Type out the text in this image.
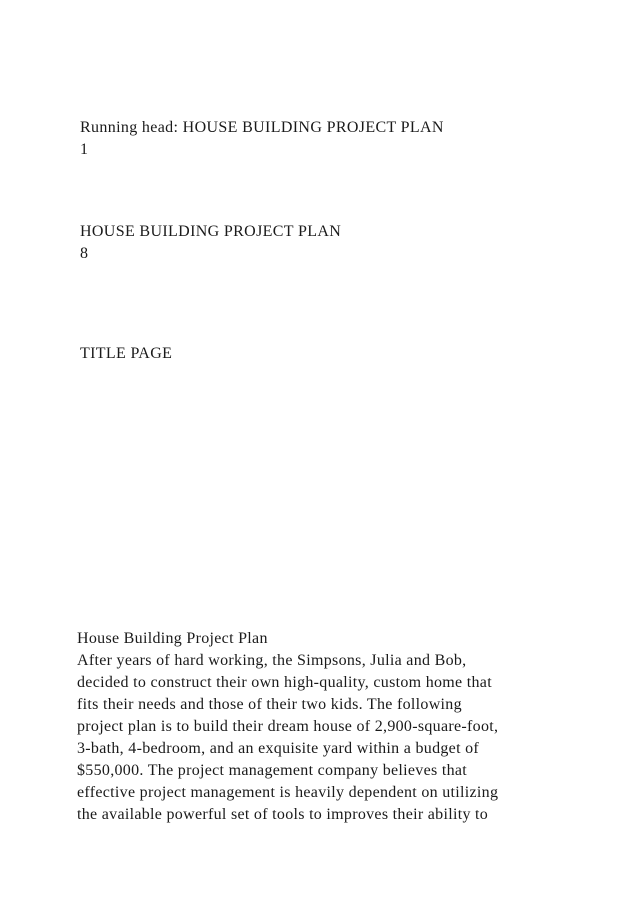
Running head: HOUSE BUILDING PROJECT PLAN
1
HOUSE BUILDING PROJECT PLAN
8
TITLE PAGE
House Building Project Plan
After years of hard working, the Simpsons, Julia and Bob,
decided to construct their own high-quality, custom home that
fits their needs and those of their two kids. The following
project plan is to build their dream house of 2,900-square-foot,
3-bath, 4-bedroom, and an exquisite yard within a budget of
$550,000. The project management company believes that
effective project management is heavily dependent on utilizing
the available powerful set of tools to improves their ability to
